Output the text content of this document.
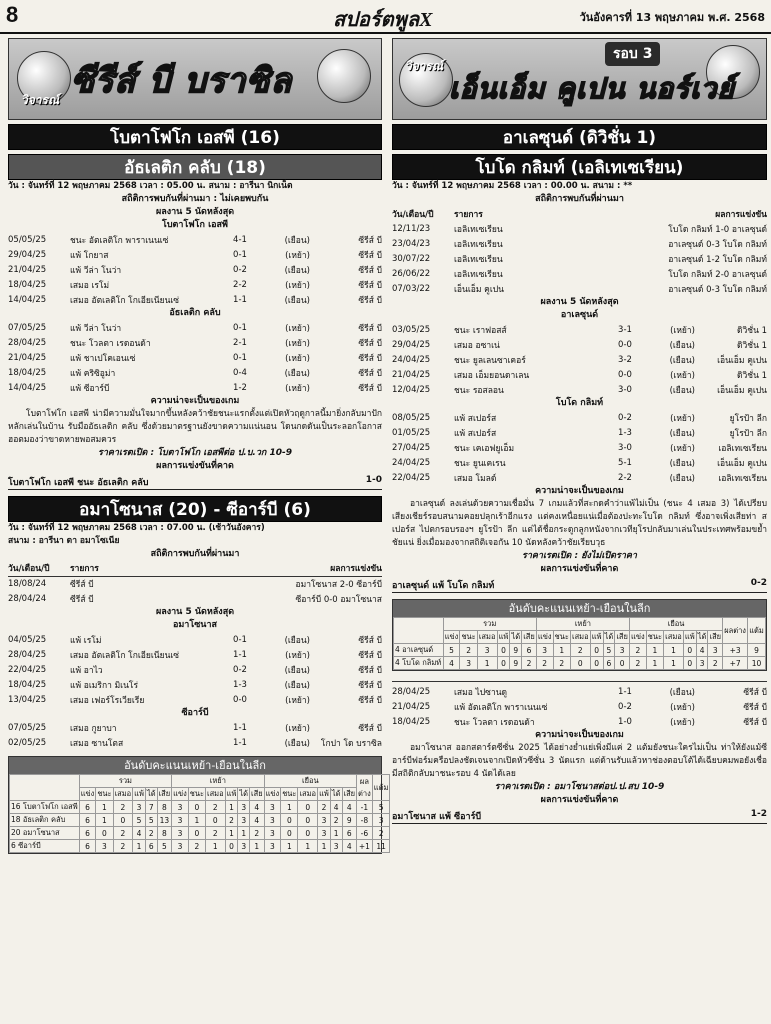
8	สปอร์ตพูลX	วันอังคารที่ 13 พฤษภาคม พ.ศ. 2568
วิจารณ์ ซีรีส์ บี บราซิล
โบตาโฟโก เอสพี (16)
อัธเลติก คลับ (18)
วัน : จันทร์ที่ 12 พฤษภาคม 2568 เวลา : 05.00 น. สนาม : อารีนา นิกเน็ต
สถิติการพบกันที่ผ่านมา : ไม่เคยพบกัน
ผลงาน 5 นัดหลังสุด
โบตาโฟโก เอสพี
05/05/25	ชนะ อัตเลติโก พาราเนนเซ่	4-1	(เยือน)	ซีรีส์ บี
29/04/25	แพ้ โกยาส	0-1	(เหย้า)	ซีรีส์ บี
21/04/25	แพ้ วีล่า โนว่า	0-2	(เยือน)	ซีรีส์ บี
18/04/25	เสมอ เรโม่	2-2	(เหย้า)	ซีรีส์ บี
14/04/25	เสมอ อัตเลติโก โกเอียเนียนเซ่	1-1	(เยือน)	ซีรีส์ บี
อัธเลติก คลับ
07/05/25	แพ้ วีล่า โนว่า	0-1	(เหย้า)	ซีรีส์ บี
28/04/25	ชนะ โวลตา เรดอนด้า	2-1	(เหย้า)	ซีรีส์ บี
21/04/25	แพ้ ชาเปโคเอนเซ่	0-1	(เหย้า)	ซีรีส์ บี
18/04/25	แพ้ คริซิอูม่า	0-4	(เยือน)	ซีรีส์ บี
14/04/25	แพ้ ซีอาร์บี	1-2	(เหย้า)	ซีรีส์ บี
ความน่าจะเป็นของเกม
โบตาโฟโก เอสพี น่ามีความมั่นใจมากขึ้นหลังคว้าชัยชนะแรกตั้งแต่เปิดหัวฤดูกาลนี้มายิ่งกลับมาปักหลักเล่นในบ้าน รับมืออัธเลติก คลับ ซึ่งด้วยมาตรฐานยังขาดความแน่นอน โดนกดดันเป็นระลอกโอกาสฮอตมองว่าขาดหายพอสมควร
ราคาเรตเปิด : โบตาโฟโก เอสพีต่อ ป.บ.วก 10-9
ผลการแข่งขันที่คาด
โบตาโฟโก เอสพี ชนะ อัธเลติก คลับ	1-0
อมาโซนาส (20) - ซีอาร์บี (6)
วัน : จันทร์ที่ 12 พฤษภาคม 2568 เวลา : 07.00 น. (เช้าวันอังคาร)
สนาม : อารีนา ดา อมาโซเนีย
สถิติการพบกันที่ผ่านมา
วัน/เดือน/ปี	รายการ	ผลการแข่งขัน
18/08/24	ซีรีส์ บี	อมาโซนาส 2-0 ซีอาร์บี
28/04/24	ซีรีส์ บี	ซีอาร์บี 0-0 อมาโซนาส
ผลงาน 5 นัดหลังสุด
อมาโซนาส
04/05/25	แพ้ เรโม่	0-1	(เยือน)	ซีรีส์ บี
28/04/25	เสมอ อัตเลติโก โกเอียเนียนเซ่	1-1	(เหย้า)	ซีรีส์ บี
22/04/25	แพ้ อาไว	0-2	(เยือน)	ซีรีส์ บี
18/04/25	แพ้ อเมริกา มิเนโร่	1-3	(เยือน)	ซีรีส์ บี
13/04/25	เสมอ เฟอร์โรเวียเรีย	0-0	(เหย้า)	ซีรีส์ บี
ซีอาร์บี
07/05/25	เสมอ กูยาบา	1-1	(เหย้า)	ซีรีส์ บี
02/05/25	เสมอ ซานโตส	1-1	(เยือน)	โกปา โด บราซิล
อันดับคะแนนเหย้า-เยือนในลีก
	รวม						เหย้า						เยือน						ผลต่าง	แต้ม
	แข่ง	ชนะ	เสมอ	แพ้	ได้	เสีย	แข่ง	ชนะ	เสมอ	แพ้	ได้	เสีย	แข่ง	ชนะ	เสมอ	แพ้	ได้	เสีย		
16 โบตาโฟโก เอสพี	6	1	2	3	7	8	3	0	2	1	3	4	3	1	0	2	4	4	-1	5
18 อัธเลติก คลับ	6	1	0	5	5	13	3	1	0	2	3	4	3	0	0	3	2	9	-8	3
20 อมาโซนาส	6	0	2	4	2	8	3	0	2	1	1	2	3	0	0	3	1	6	-6	2
6 ซีอาร์บี	6	3	2	1	6	5	3	2	1	0	3	1	3	1	1	1	3	4	+1	11
รอบ 3
วิจารณ์
เอ็นเอ็ม คูเปน นอร์เวย์
อาเลซุนด์ (ดิวิชั่น 1)
โบโด กลิมท์ (เอลิเทเซเรียน)
วัน : จันทร์ที่ 12 พฤษภาคม 2568 เวลา : 00.00 น. สนาม : **
สถิติการพบกันที่ผ่านมา
วัน/เดือน/ปี	รายการ	ผลการแข่งขัน
12/11/23	เอลิเทเซเรียน	โบโด กลิมท์ 1-0 อาเลซุนด์
23/04/23	เอลิเทเซเรียน	อาเลซุนด์ 0-3 โบโด กลิมท์
30/07/22	เอลิเทเซเรียน	อาเลซุนด์ 1-2 โบโด กลิมท์
26/06/22	เอลิเทเซเรียน	โบโด กลิมท์ 2-0 อาเลซุนด์
07/03/22	เอ็นเอ็ม คูเปน	อาเลซุนด์ 0-3 โบโด กลิมท์
ผลงาน 5 นัดหลังสุด
อาเลซุนด์
03/05/25	ชนะ เราฟอสส์	3-1	(เหย้า)	ดิวิชั่น 1
29/04/25	เสมอ อซาเน่	0-0	(เยือน)	ดิวิชั่น 1
24/04/25	ชนะ ยูลเลนซาเคอร์	3-2	(เยือน)	เอ็นเอ็ม คูเปน
21/04/25	เสมอ เอ็มยอนดาเลน	0-0	(เหย้า)	ดิวิชั่น 1
12/04/25	ชนะ รอสลอน	3-0	(เยือน)	เอ็นเอ็ม คูเปน
โบโด กลิมท์
08/05/25	แพ้ สเปอร์ส	0-2	(เหย้า)	ยูโรป้า ลีก
01/05/25	แพ้ สเปอร์ส	1-3	(เยือน)	ยูโรป้า ลีก
27/04/25	ชนะ เคเอฟยูเอ็ม	3-0	(เหย้า)	เอลิเทเซเรียน
24/04/25	ชนะ ยูนเคเรน	5-1	(เยือน)	เอ็นเอ็ม คูเปน
22/04/25	เสมอ โมลด์	2-2	(เยือน)	เอลิเทเซเรียน
ความน่าจะเป็นของเกม
อาเลซุนด์ ลงเล่นด้วยความเชื่อมั่น 7 เกมแล้วที่สะกดคำว่าแพ้ไม่เป็น (ชนะ 4 เสมอ 3) ได้เปรียบเสียงเชียร์รอบสนามคอยปลุกเร้าอีกแรง แต่คงเหนื่อยแน่เมื่อต้องปะทะโบโด กลิมท์ ซึ่งอาจเพิ่งเสียท่า สเปอร์ส ไปตกรอบรองฯ ยูโรป้า ลีก แต่ได้ชื่อกระดูกลูกหนังจากเวทียุโรปกลับมาเล่นในประเทศพร้อมขย้ำชัยแน่ ยิ่งเมื่อมองจากสถิติเจอกัน 10 นัดหลังคว้าชัยเรียบวุธ
ราคาเรตเปิด : ยังไม่เปิดราคา
ผลการแข่งขันที่คาด
อาเลซุนด์ แพ้ โบโด กลิมท์	0-2
อันดับคะแนนเหย้า-เยือนในลีก
	รวม						เหย้า						เยือน						ผลต่าง	แต้ม
	แข่ง	ชนะ	เสมอ	แพ้	ได้	เสีย	แข่ง	ชนะ	เสมอ	แพ้	ได้	เสีย	แข่ง	ชนะ	เสมอ	แพ้	ได้	เสีย		
4 อาเลซุนด์	5	2	3	0	9	6	3	1	2	0	5	3	2	1	1	0	4	3	+3	9
4 โบโด กลิมท์	4	3	1	0	9	2	2	2	0	0	6	0	2	1	1	0	3	2	+7	10
28/04/25	เสมอ ไปซานดู	1-1	(เยือน)	ซีรีส์ บี
21/04/25	แพ้ อัตเลติโก พาราเนนเซ่	0-2	(เหย้า)	ซีรีส์ บี
18/04/25	ชนะ โวลตา เรดอนด้า	1-0	(เหย้า)	ซีรีส์ บี
ความน่าจะเป็นของเกม
อมาโซนาส ออกสตาร์ตซีซั่น 2025 ได้อย่างย่ำแย่เพิ่งมีแค่ 2 แต้มยังชนะใครไม่เป็น ท่าให้ยังแม้ซีอาร์บีฟอร์มครือปลงชัดเจนจากเปิดหัวซีซั่น 3 นัดแรก แต่ด้านรับแล้วหาช่องตอบโต้ได้เฉียบคมพอยังเชื่อมีสถิติกลับมาชนะรอบ 4 นัดได้เลย
ราคาเรตเปิด : อมาโซนาสต่อป.ป.สบ 10-9
ผลการแข่งขันที่คาด
อมาโซนาส แพ้ ซีอาร์บี	1-2
